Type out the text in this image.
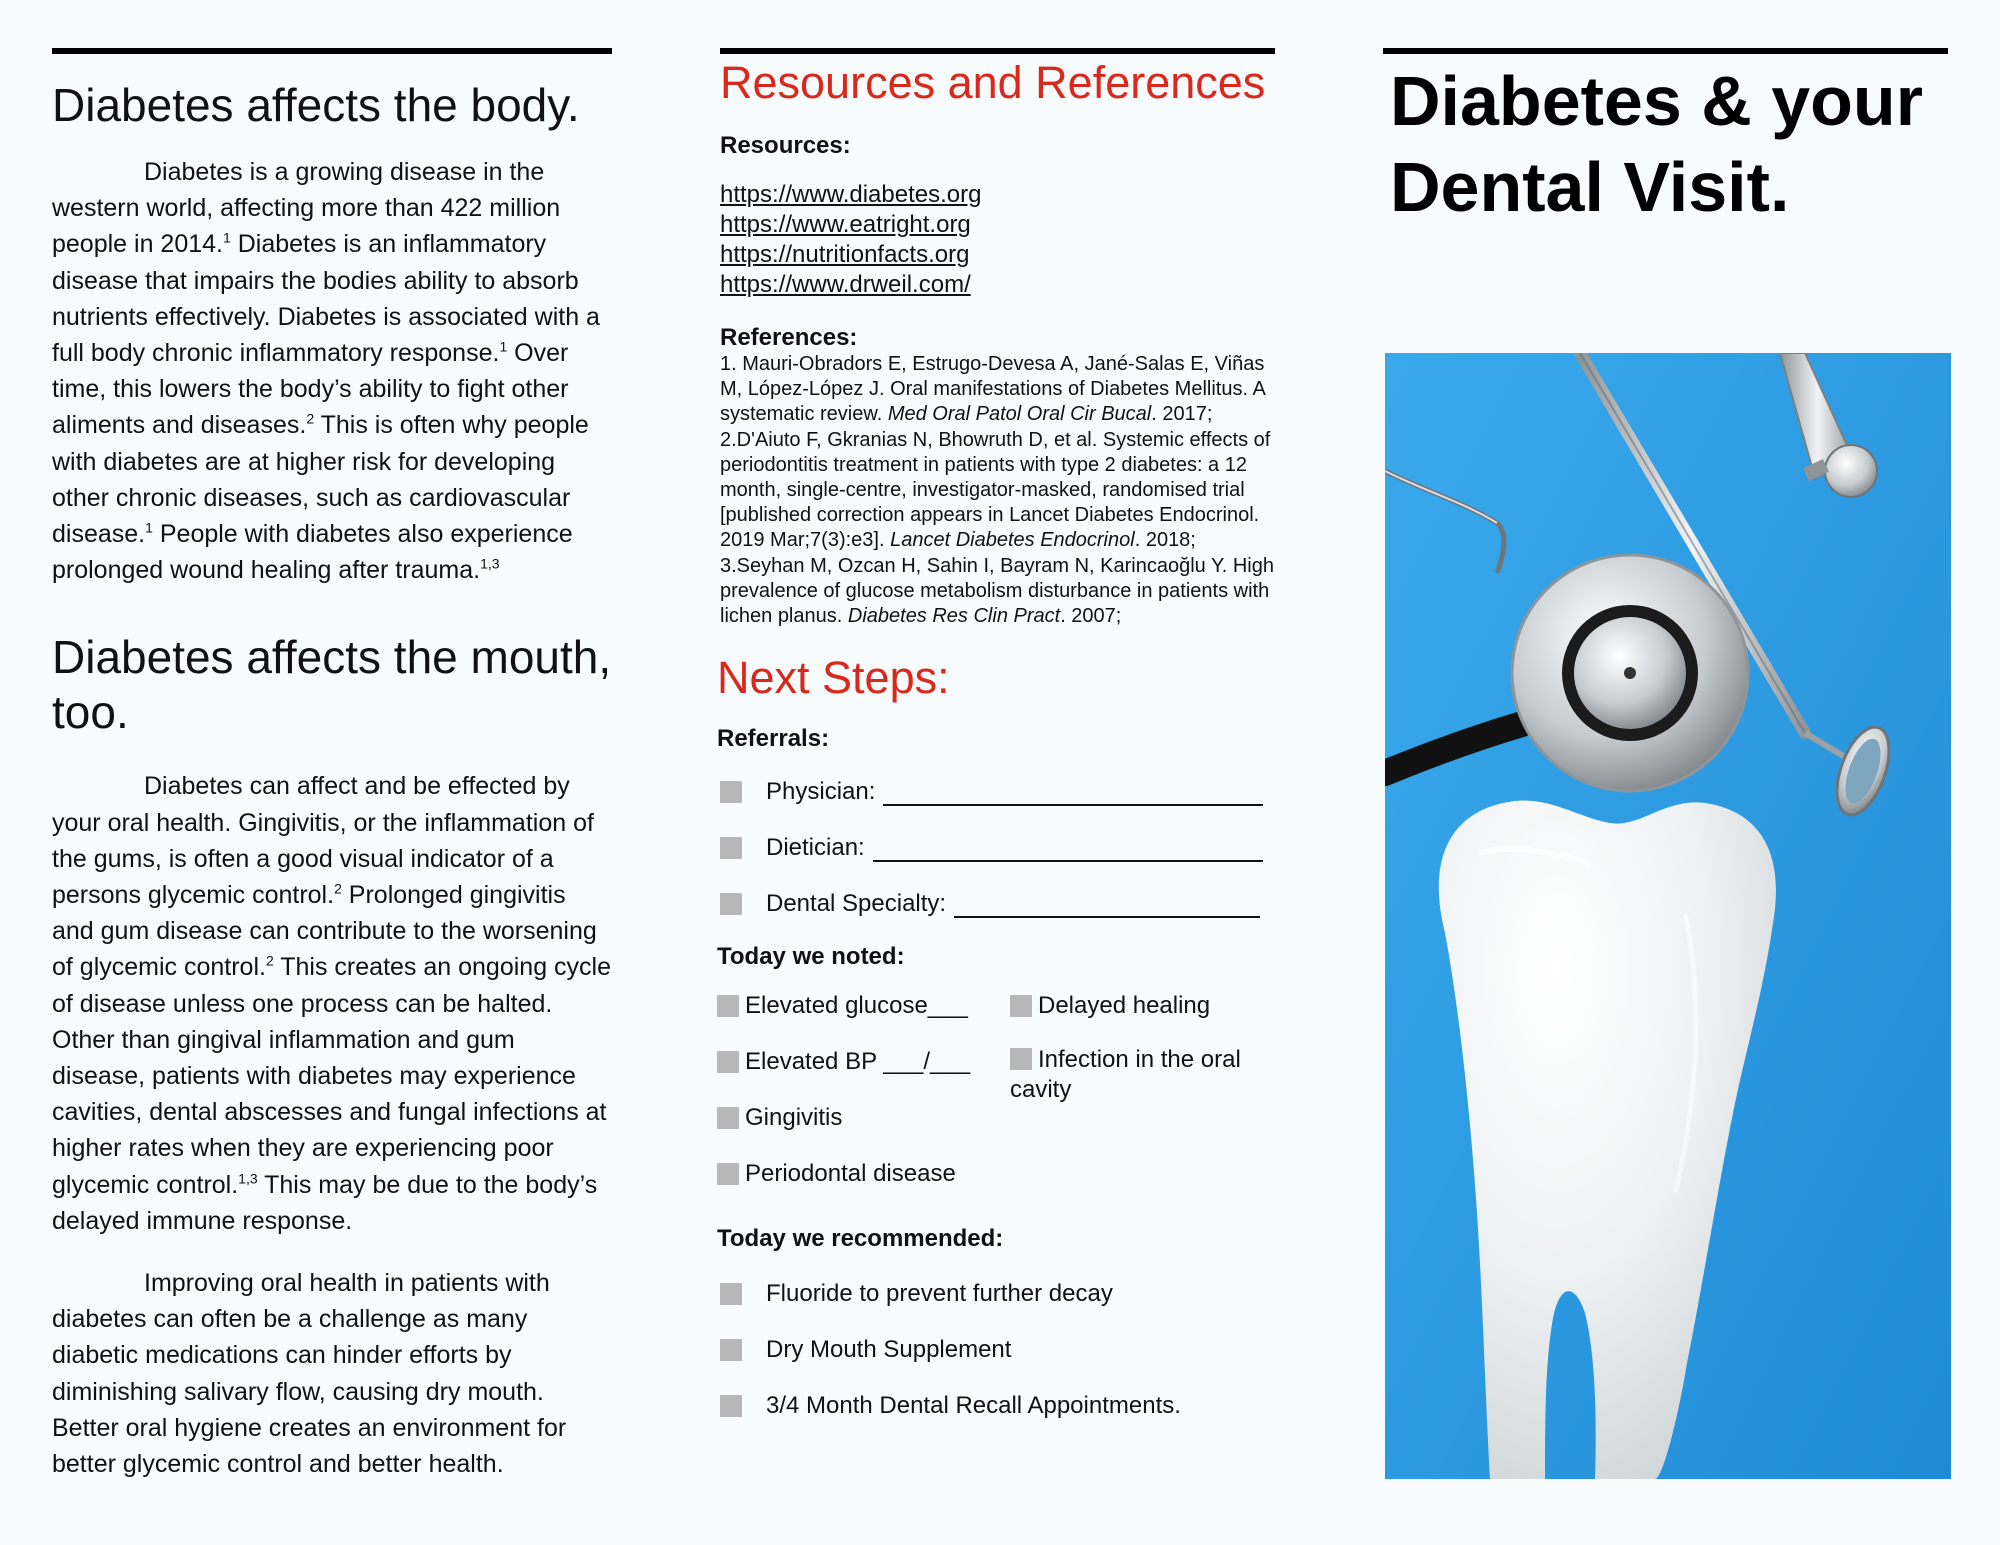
Diabetes affects the body.

Diabetes is a growing disease in the western world, affecting more than 422 million people in 2014.$^1$ Diabetes is an inflammatory disease that impairs the bodies ability to absorb nutrients effectively. Diabetes is associated with a full body chronic inflammatory response.$^1$ Over time, this lowers the body’s ability to fight other aliments and diseases.$^2$ This is often why people with diabetes are at higher risk for developing other chronic diseases, such as cardiovascular disease.$^1$ People with diabetes also experience prolonged wound healing after trauma.$^{1,3}$

Diabetes affects the mouth, too.

Diabetes can affect and be effected by your oral health. Gingivitis, or the inflammation of the gums, is often a good visual indicator of a persons glycemic control.$^2$ Prolonged gingivitis and gum disease can contribute to the worsening of glycemic control.$^2$ This creates an ongoing cycle of disease unless one process can be halted. Other than gingival inflammation and gum disease, patients with diabetes may experience cavities, dental abscesses and fungal infections at higher rates when they are experiencing poor glycemic control.$^{1,3}$ This may be due to the body’s delayed immune response.

Improving oral health in patients with diabetes can often be a challenge as many diabetic medications can hinder efforts by diminishing salivary flow, causing dry mouth. Better oral hygiene creates an environment for better glycemic control and better health.

Resources and References

Resources:

https://www.diabetes.org
https://www.eatright.org
https://nutritionfacts.org
https://www.drweil.com/

References:

1. Mauri-Obradors E, Estrugo-Devesa A, Jané-Salas E, Viñas M, López-López J. Oral manifestations of Diabetes Mellitus. A systematic review. Med Oral Patol Oral Cir Bucal. 2017;
2.D'Aiuto F, Gkranias N, Bhowruth D, et al. Systemic effects of periodontitis treatment in patients with type 2 diabetes: a 12 month, single-centre, investigator-masked, randomised trial [published correction appears in Lancet Diabetes Endocrinol. 2019 Mar;7(3):e3]. Lancet Diabetes Endocrinol. 2018;
3.Seyhan M, Ozcan H, Sahin I, Bayram N, Karincaoğlu Y. High prevalence of glucose metabolism disturbance in patients with lichen planus. Diabetes Res Clin Pract. 2007;
Next Steps:

Referrals:

Physician:
Dietician:
Dental Specialty:

Today we noted:

Elevated glucose___
Elevated BP ___/___
Gingivitis
Periodontal disease
Delayed healing
Infection in the oral cavity

Today we recommended:

Fluoride to prevent further decay
Dry Mouth Supplement
3/4 Month Dental Recall Appointments.
Diabetes & your Dental Visit.
